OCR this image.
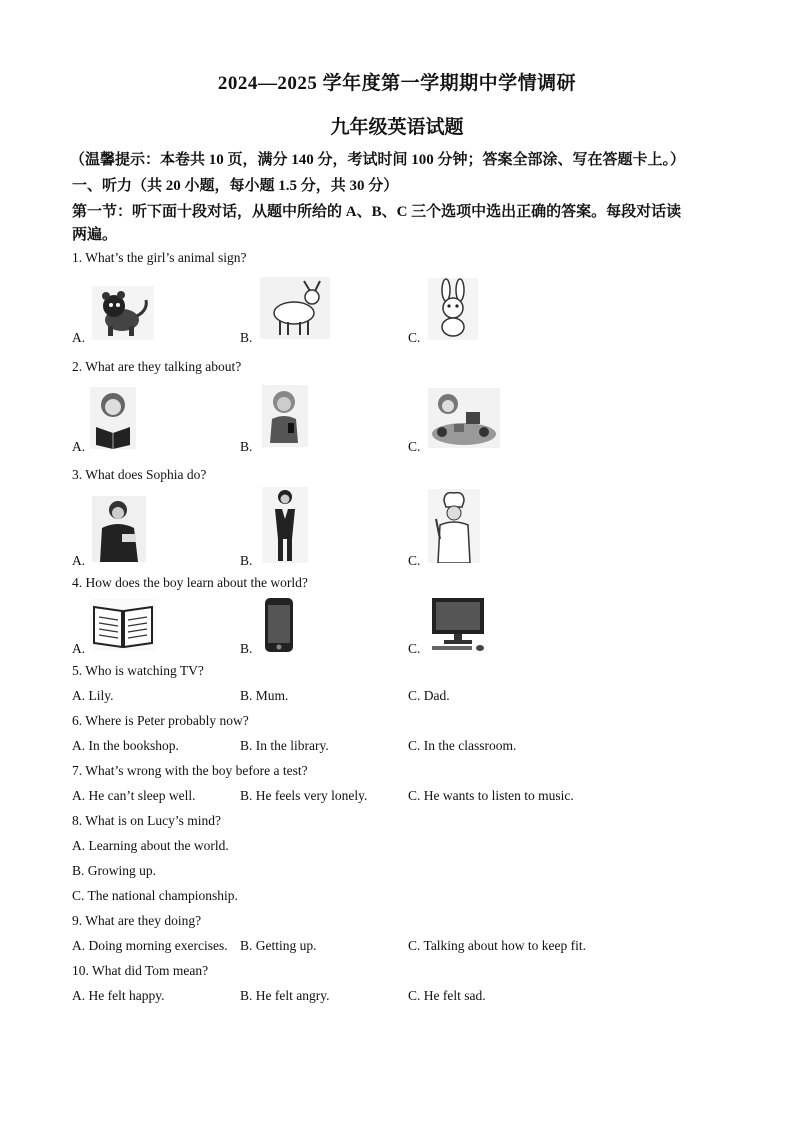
2024—2025 学年度第一学期期中学情调研
九年级英语试题
（温馨提示：本卷共 10 页，满分 140 分，考试时间 100 分钟；答案全部涂、写在答题卡上。）
一、听力（共 20 小题，每小题 1.5 分，共 30 分）
第一节：听下面十段对话，从题中所给的 A、B、C 三个选项中选出正确的答案。每段对话读
两遍。
1. What’s the girl’s animal sign?
A.	B.	C.
2. What are they talking about?
A.	B.	C.
3. What does Sophia do?
A.	B.	C.
4. How does the boy learn about the world?
A.	B.	C.
5. Who is watching TV?
A. Lily.	B. Mum.	C. Dad.
6. Where is Peter probably now?
A. In the bookshop.	B. In the library.	C. In the classroom.
7. What’s wrong with the boy before a test?
A. He can’t sleep well.	B. He feels very lonely.	C. He wants to listen to music.
8. What is on Lucy’s mind?
A. Learning about the world.
B. Growing up.
C. The national championship.
9. What are they doing?
A. Doing morning exercises. B. Getting up.	C. Talking about how to keep fit.
10. What did Tom mean?
A. He felt happy.	B. He felt angry.	C. He felt sad.
